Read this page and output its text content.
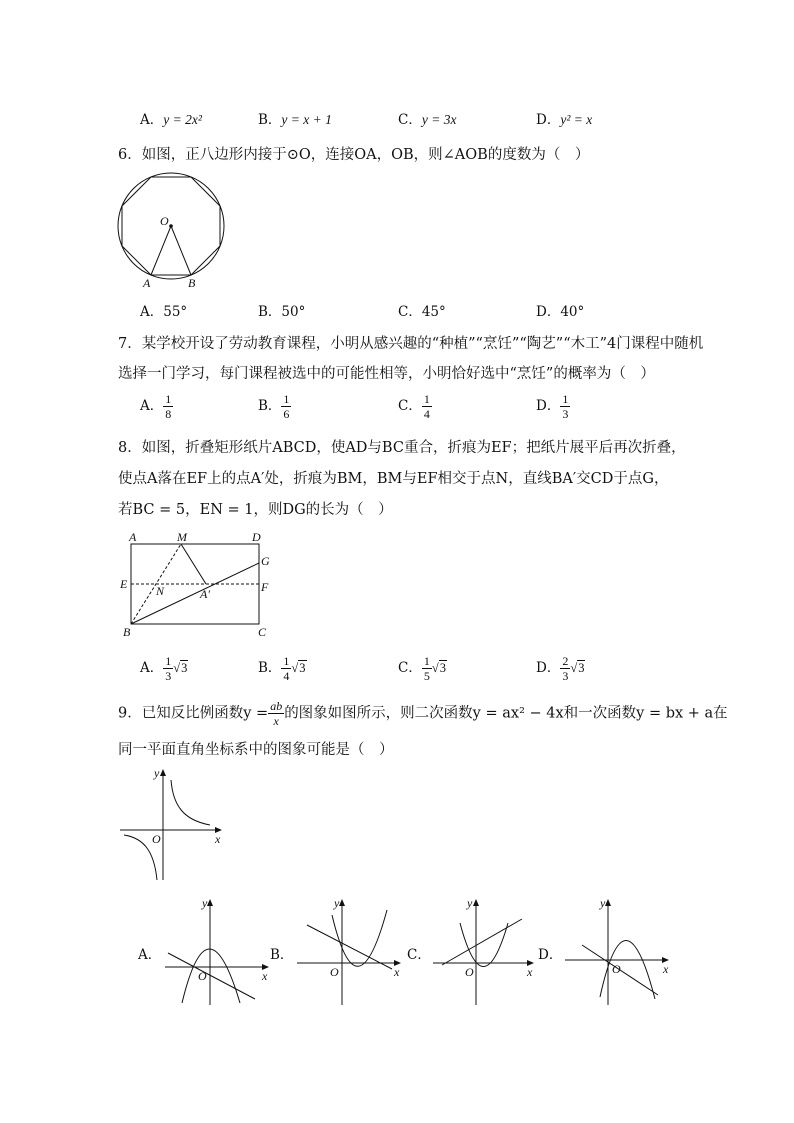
A．y = 2x²	B．y = x + 1	C．y = 3x	D．y² = x
6．如图，正八边形内接于⊙O，连接OA，OB，则∠AOB的度数为（　）
O
A	B
A．55°	B．50°	C．45°	D．40°
7．某学校开设了劳动教育课程，小明从感兴趣的“种植”“烹饪”“陶艺”“木工”4门课程中随机
选择一门学习，每门课程被选中的可能性相等，小明恰好选中“烹饪”的概率为（　）
A． $\frac{1}{8}$	B． $\frac{1}{6}$	C． $\frac{1}{4}$	D． $\frac{1}{3}$
8．如图，折叠矩形纸片ABCD，使AD与BC重合，折痕为EF；把纸片展平后再次折叠，
使点A落在EF上的点A′处，折痕为BM，BM与EF相交于点N，直线BA′交CD于点G，
若BC = 5，EN = 1，则DG的长为（　）
A	M	D
G
E	F
N	A′
B	C
A． $\frac{1}{3} √3$	B． $\frac{1}{4} √3$	C． $\frac{1}{5} √3$	D． $\frac{2}{3} √3$
9．已知反比例函数$y = \frac{ab}{x}$ 的图象如图所示，则二次函数y = ax² − 4x和一次函数y = bx + a在
同一平面直角坐标系中的图象可能是（　）
y
x
O
A．
y
x
O
B．
y
x
O
C．
y
x
O
D．
y
x
O
